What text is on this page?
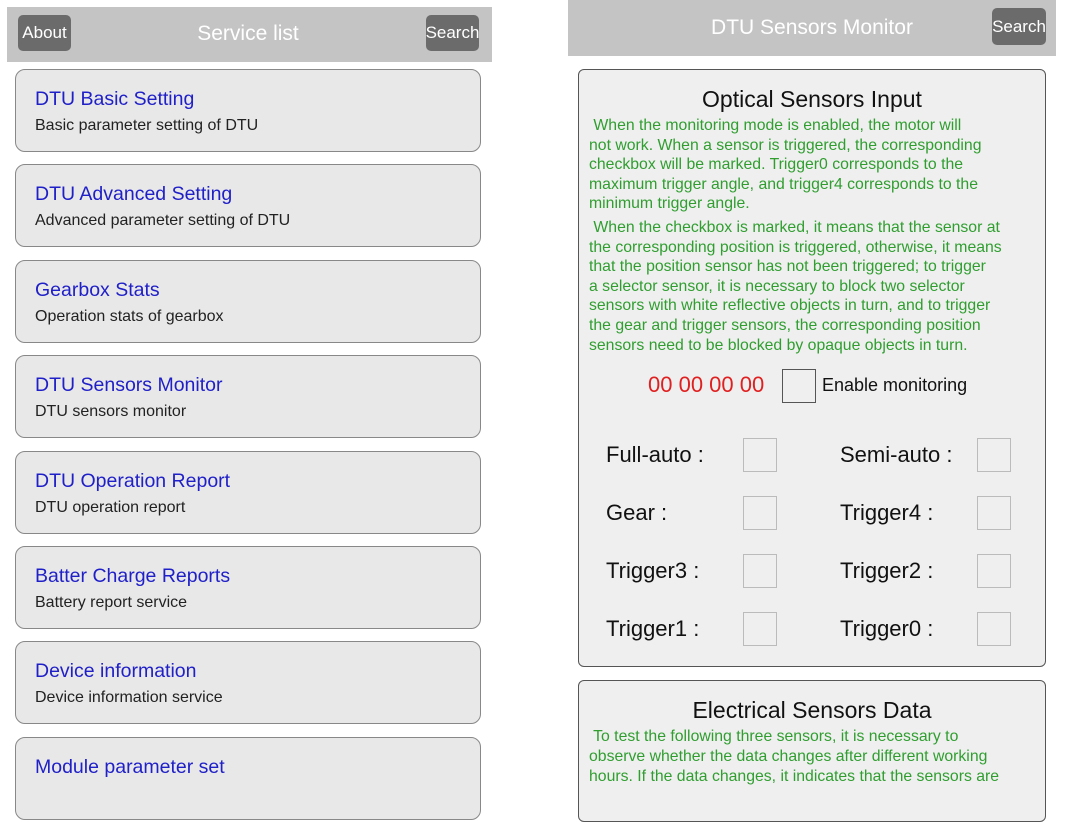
About	Service list	Search
DTU Basic Setting
Basic parameter setting of DTU
DTU Advanced Setting
Advanced parameter setting of DTU
Gearbox Stats
Operation stats of gearbox
DTU Sensors Monitor
DTU sensors monitor
DTU Operation Report
DTU operation report
Batter Charge Reports
Battery report service
Device information
Device information service
Module parameter set
DTU Sensors Monitor	Search
Optical Sensors Input
When the monitoring mode is enabled, the motor will
not work. When a sensor is triggered, the corresponding
checkbox will be marked. Trigger0 corresponds to the
maximum trigger angle, and trigger4 corresponds to the
minimum trigger angle.
When the checkbox is marked, it means that the sensor at
the corresponding position is triggered, otherwise, it means
that the position sensor has not been triggered; to trigger
a selector sensor, it is necessary to block two selector
sensors with white reflective objects in turn, and to trigger
the gear and trigger sensors, the corresponding position
sensors need to be blocked by opaque objects in turn.
00 00 00 00	Enable monitoring
Full-auto :	Semi-auto :
Gear :	Trigger4 :
Trigger3 :	Trigger2 :
Trigger1 :	Trigger0 :
Electrical Sensors Data
To test the following three sensors, it is necessary to
observe whether the data changes after different working
hours. If the data changes, it indicates that the sensors are
